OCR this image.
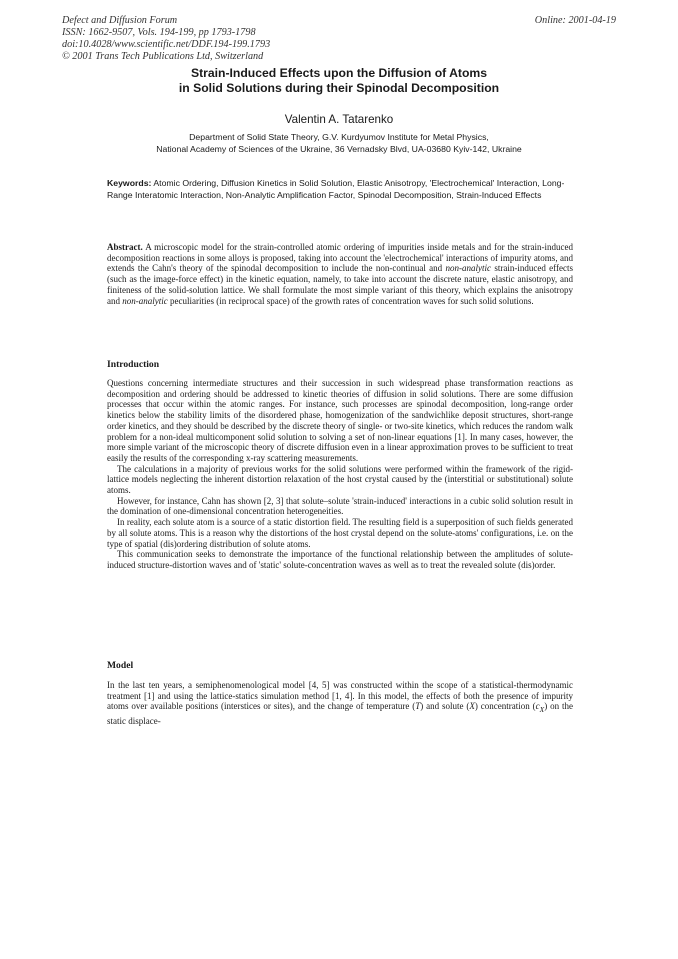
Defect and Diffusion Forum
ISSN: 1662-9507, Vols. 194-199, pp 1793-1798
doi:10.4028/www.scientific.net/DDF.194-199.1793
© 2001 Trans Tech Publications Ltd, Switzerland
Online: 2001-04-19
Strain-Induced Effects upon the Diffusion of Atoms
in Solid Solutions during their Spinodal Decomposition
Valentin A. Tatarenko
Department of Solid State Theory, G.V. Kurdyumov Institute for Metal Physics,
National Academy of Sciences of the Ukraine, 36 Vernadsky Blvd, UA-03680 Kyiv-142, Ukraine
Keywords: Atomic Ordering, Diffusion Kinetics in Solid Solution, Elastic Anisotropy, 'Electrochemical' Interaction, Long-Range Interatomic Interaction, Non-Analytic Amplification Factor, Spinodal Decomposition, Strain-Induced Effects

Abstract. A microscopic model for the strain-controlled atomic ordering of impurities inside metals and for the strain-induced decomposition reactions in some alloys is proposed, taking into account the 'electrochemical' interactions of impurity atoms, and extends the Cahn's theory of the spinodal decomposition to include the non-continual and non-analytic strain-induced effects (such as the image-force effect) in the kinetic equation, namely, to take into account the discrete nature, elastic anisotropy, and finiteness of the solid-solution lattice. We shall formulate the most simple variant of this theory, which explains the anisotropy and non-analytic peculiarities (in reciprocal space) of the growth rates of concentration waves for such solid solutions.

Introduction

Questions concerning intermediate structures and their succession in such widespread phase transformation reactions as decomposition and ordering should be addressed to kinetic theories of diffusion in solid solutions. There are some diffusion processes that occur within the atomic ranges. For instance, such processes are spinodal decomposition, long-range order kinetics below the stability limits of the disordered phase, homogenization of the sandwichlike deposit structures, short-range order kinetics, and they should be described by the discrete theory of single- or two-site kinetics, which reduces the random walk problem for a non-ideal multicomponent solid solution to solving a set of non-linear equations [1]. In many cases, however, the more simple variant of the microscopic theory of discrete diffusion even in a linear approximation proves to be sufficient to treat easily the results of the corresponding x-ray scattering measurements.

The calculations in a majority of previous works for the solid solutions were performed within the framework of the rigid-lattice models neglecting the inherent distortion relaxation of the host crystal caused by the (interstitial or substitutional) solute atoms.

However, for instance, Cahn has shown [2, 3] that solute–solute 'strain-induced' interactions in a cubic solid solution result in the domination of one-dimensional concentration heterogeneities.

In reality, each solute atom is a source of a static distortion field. The resulting field is a superposition of such fields generated by all solute atoms. This is a reason why the distortions of the host crystal depend on the solute-atoms' configurations, i.e. on the type of spatial (dis)ordering distribution of solute atoms.

This communication seeks to demonstrate the importance of the functional relationship between the amplitudes of solute-induced structure-distortion waves and of 'static' solute-concentration waves as well as to treat the revealed solute (dis)order.

Model

In the last ten years, a semiphenomenological model [4, 5] was constructed within the scope of a statistical-thermodynamic treatment [1] and using the lattice-statics simulation method [1, 4]. In this model, the effects of both the presence of impurity atoms over available positions (interstices or sites), and the change of temperature (T) and solute (X) concentration $(c_X)$ on the static displace-
